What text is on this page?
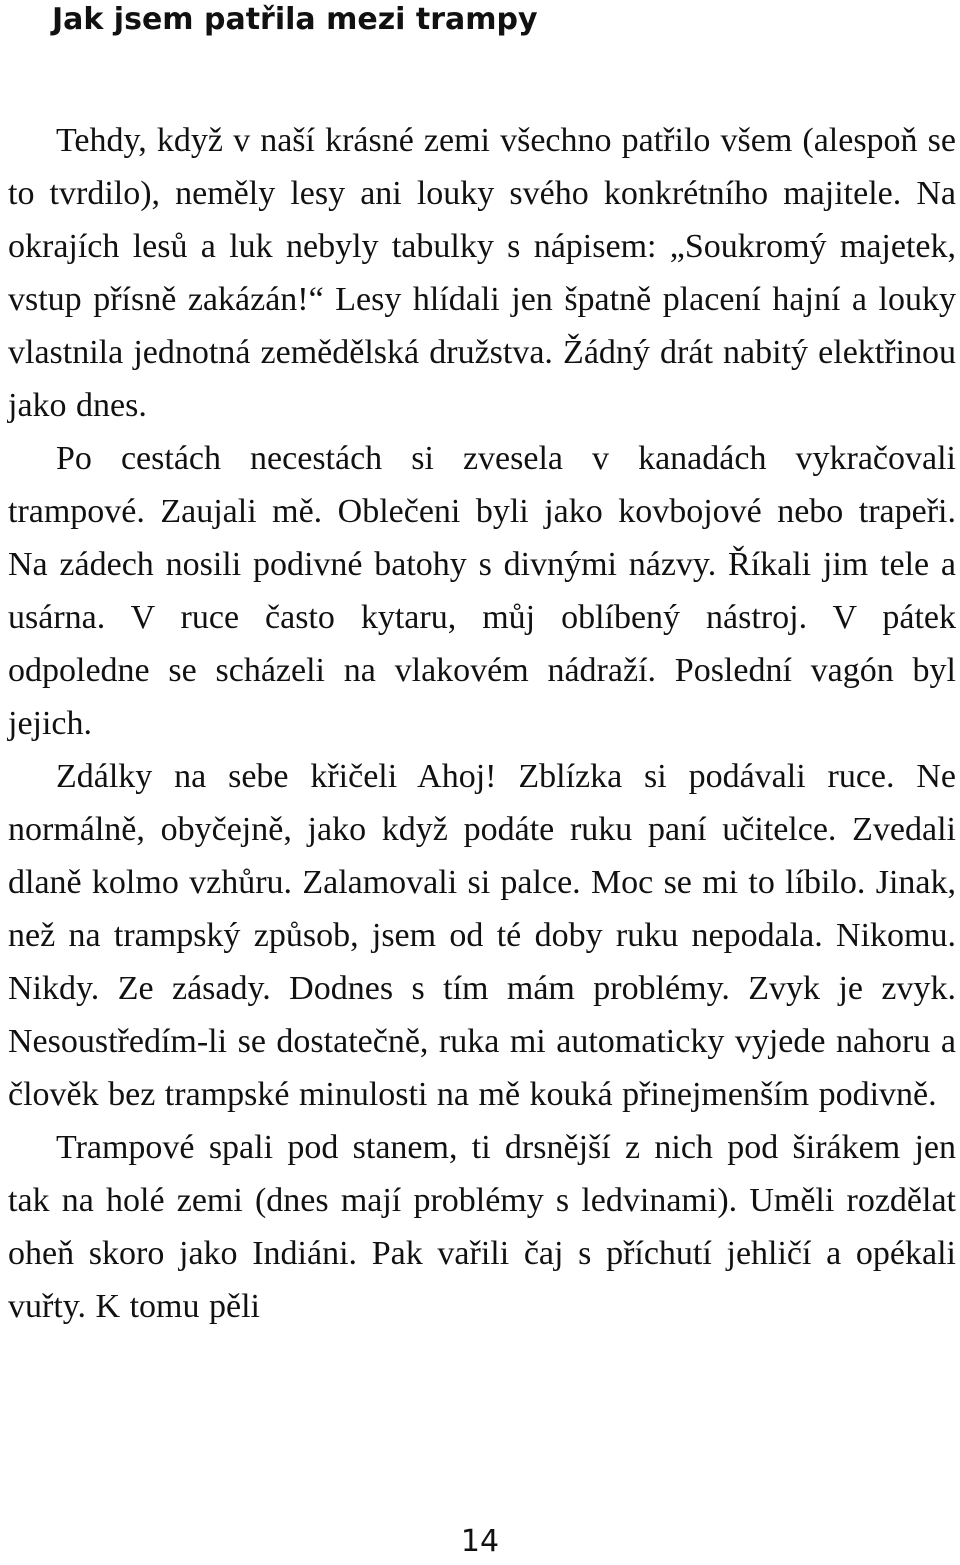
Jak jsem patřila mezi trampy

Tehdy, když v naší krásné zemi všechno patřilo všem (alespoň se to tvrdilo), neměly lesy ani louky svého konkrétního majitele. Na okrajích lesů a luk nebyly tabulky s nápisem: „Soukromý majetek, vstup přísně zakázán!“ Lesy hlídali jen špatně placení hajní a louky vlastnila jednotná zemědělská družstva. Žádný drát nabitý elektřinou jako dnes.

Po cestách necestách si zvesela v kanadách vykračovali trampové. Zaujali mě. Oblečeni byli jako kovbojové nebo trapeři. Na zádech nosili podivné batohy s divnými názvy. Říkali jim tele a usárna. V ruce často kytaru, můj oblíbený nástroj. V pátek odpoledne se scházeli na vlakovém nádraží. Poslední vagón byl jejich.

Zdálky na sebe křičeli Ahoj! Zblízka si podávali ruce. Ne normálně, obyčejně, jako když podáte ruku paní učitelce. Zvedali dlaně kolmo vzhůru. Zalamovali si palce. Moc se mi to líbilo. Jinak, než na trampský způsob, jsem od té doby ruku nepodala. Nikomu. Nikdy. Ze zásady. Dodnes s tím mám problémy. Zvyk je zvyk. Nesoustředím-li se dostatečně, ruka mi automaticky vyjede nahoru a člověk bez trampské minulosti na mě kouká přinejmenším podivně.

Trampové spali pod stanem, ti drsnější z nich pod širákem jen tak na holé zemi (dnes mají problémy s ledvinami). Uměli rozdělat oheň skoro jako Indiáni. Pak vařili čaj s příchutí jehličí a opékali vuřty. K tomu pěli

14
